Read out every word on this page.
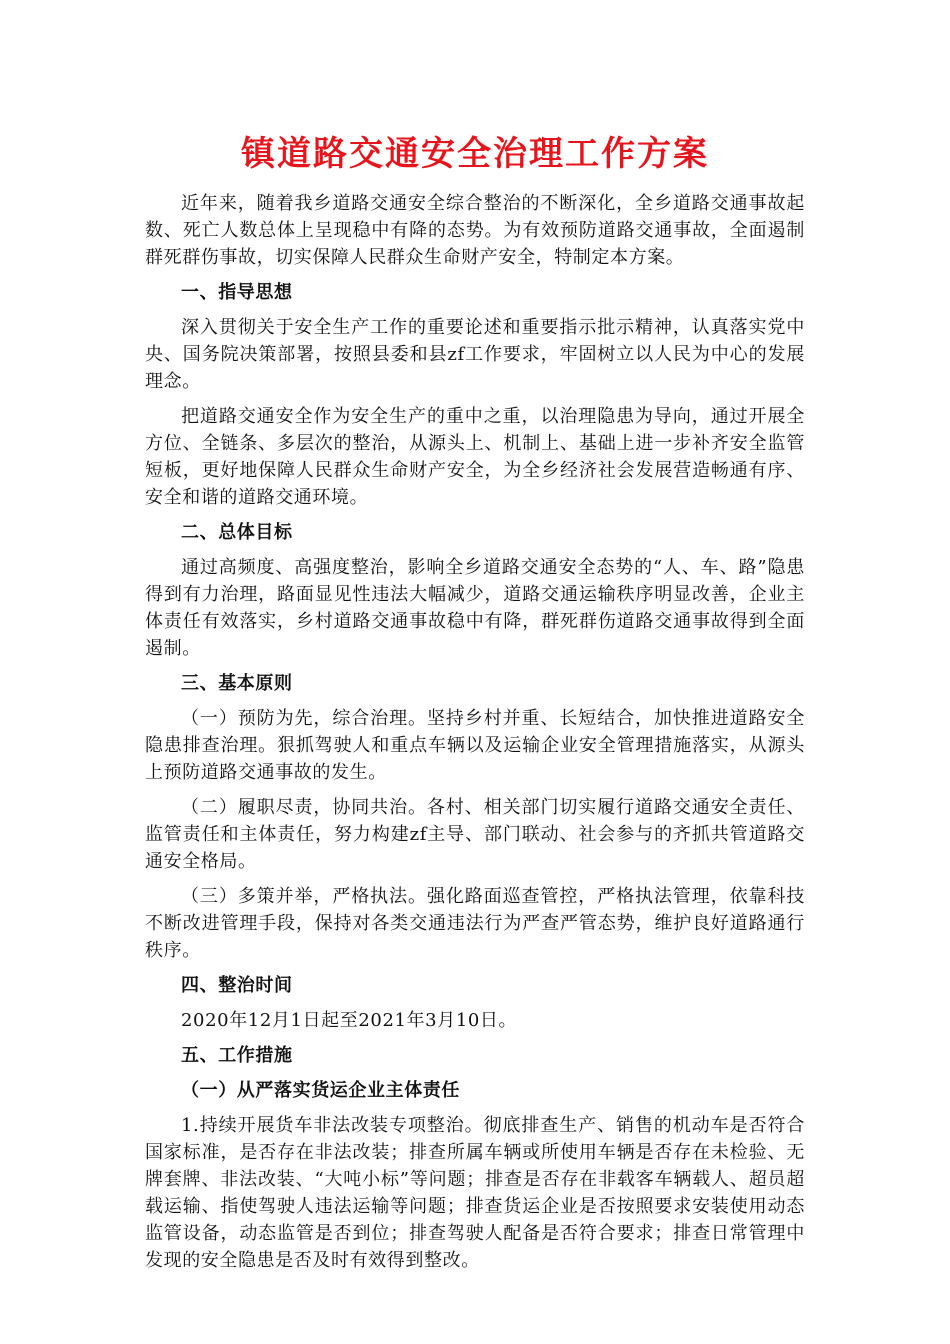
镇道路交通安全治理工作方案

近年来，随着我乡道路交通安全综合整治的不断深化，全乡道路交通事故起数、死亡人数总体上呈现稳中有降的态势。为有效预防道路交通事故，全面遏制群死群伤事故，切实保障人民群众生命财产安全，特制定本方案。

一、指导思想

深入贯彻关于安全生产工作的重要论述和重要指示批示精神，认真落实党中央、国务院决策部署，按照县委和县zf工作要求，牢固树立以人民为中心的发展理念。

把道路交通安全作为安全生产的重中之重，以治理隐患为导向，通过开展全方位、全链条、多层次的整治，从源头上、机制上、基础上进一步补齐安全监管短板，更好地保障人民群众生命财产安全，为全乡经济社会发展营造畅通有序、安全和谐的道路交通环境。

二、总体目标

通过高频度、高强度整治，影响全乡道路交通安全态势的“人、车、路”隐患得到有力治理，路面显见性违法大幅减少，道路交通运输秩序明显改善，企业主体责任有效落实，乡村道路交通事故稳中有降，群死群伤道路交通事故得到全面遏制。

三、基本原则

（一）预防为先，综合治理。坚持乡村并重、长短结合，加快推进道路安全隐患排查治理。狠抓驾驶人和重点车辆以及运输企业安全管理措施落实，从源头上预防道路交通事故的发生。

（二）履职尽责，协同共治。各村、相关部门切实履行道路交通安全责任、监管责任和主体责任，努力构建zf主导、部门联动、社会参与的齐抓共管道路交通安全格局。

（三）多策并举，严格执法。强化路面巡查管控，严格执法管理，依靠科技不断改进管理手段，保持对各类交通违法行为严查严管态势，维护良好道路通行秩序。

四、整治时间

2020年12月1日起至2021年3月10日。

五、工作措施
（一）从严落实货运企业主体责任

1.持续开展货车非法改装专项整治。彻底排查生产、销售的机动车是否符合国家标准，是否存在非法改装；排查所属车辆或所使用车辆是否存在未检验、无牌套牌、非法改装、“大吨小标”等问题；排查是否存在非载客车辆载人、超员超载运输、指使驾驶人违法运输等问题；排查货运企业是否按照要求安装使用动态监管设备，动态监管是否到位；排查驾驶人配备是否符合要求；排查日常管理中发现的安全隐患是否及时有效得到整改。
